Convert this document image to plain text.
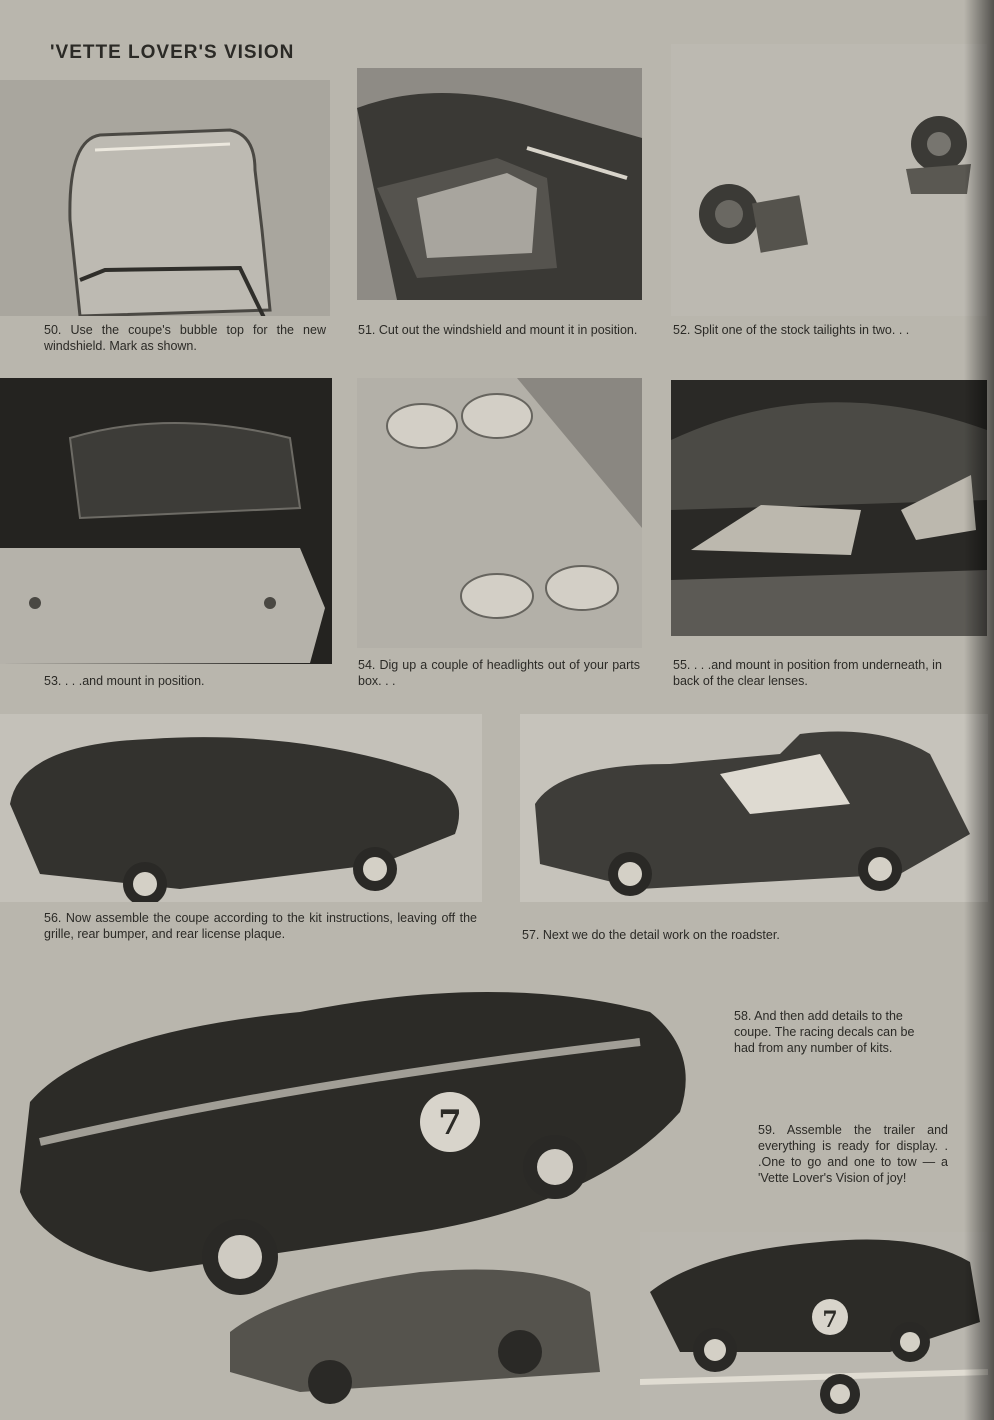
'VETTE LOVER'S VISION
50. Use the coupe's bubble top for the new windshield. Mark as shown.
51. Cut out the windshield and mount it in position.	52. Split one of the stock tailights in two. . .
53. . . .and mount in position.
54. Dig up a couple of headlights out of your parts box. . .
55. . . .and mount in position from underneath, in back of the clear lenses.
56. Now assemble the coupe according to the kit instructions, leaving off the grille, rear bumper, and rear license plaque.	57. Next we do the detail work on the roadster.
7
7
58. And then add details to the coupe. The racing decals can be had from any number of kits.
59. Assemble the trailer and everything is ready for display. . .One to go and one to tow — a 'Vette Lover's Vision of joy!
